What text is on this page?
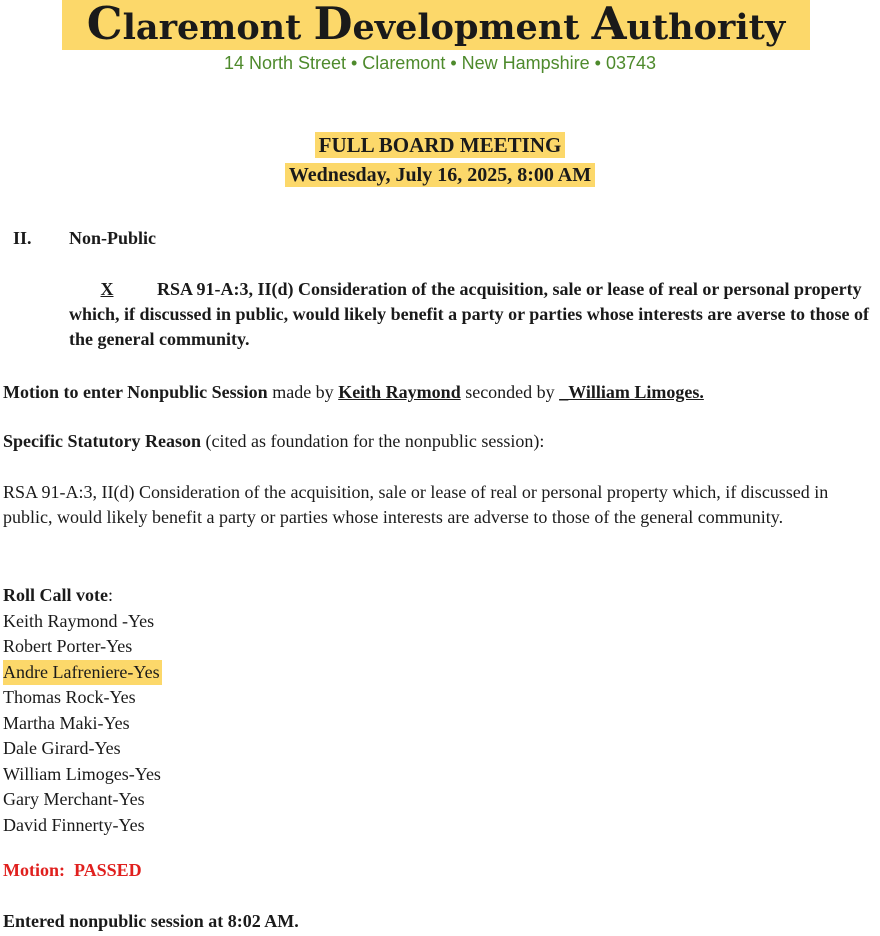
Claremont Development Authority
14 North Street • Claremont • New Hampshire • 03743
FULL BOARD MEETING
Wednesday, July 16, 2025, 8:00 AM
II. Non-Public
X RSA 91-A:3, II(d) Consideration of the acquisition, sale or lease of real or personal property which, if discussed in public, would likely benefit a party or parties whose interests are averse to those of the general community.
Motion to enter Nonpublic Session made by Keith Raymond seconded by _William Limoges.
Specific Statutory Reason (cited as foundation for the nonpublic session):
RSA 91-A:3, II(d) Consideration of the acquisition, sale or lease of real or personal property which, if discussed in public, would likely benefit a party or parties whose interests are adverse to those of the general community.
Roll Call vote:
Keith Raymond -Yes
Robert Porter-Yes
Andre Lafreniere-Yes
Thomas Rock-Yes
Martha Maki-Yes
Dale Girard-Yes
William Limoges-Yes
Gary Merchant-Yes
David Finnerty-Yes
Motion:  PASSED
Entered nonpublic session at 8:02 AM.
